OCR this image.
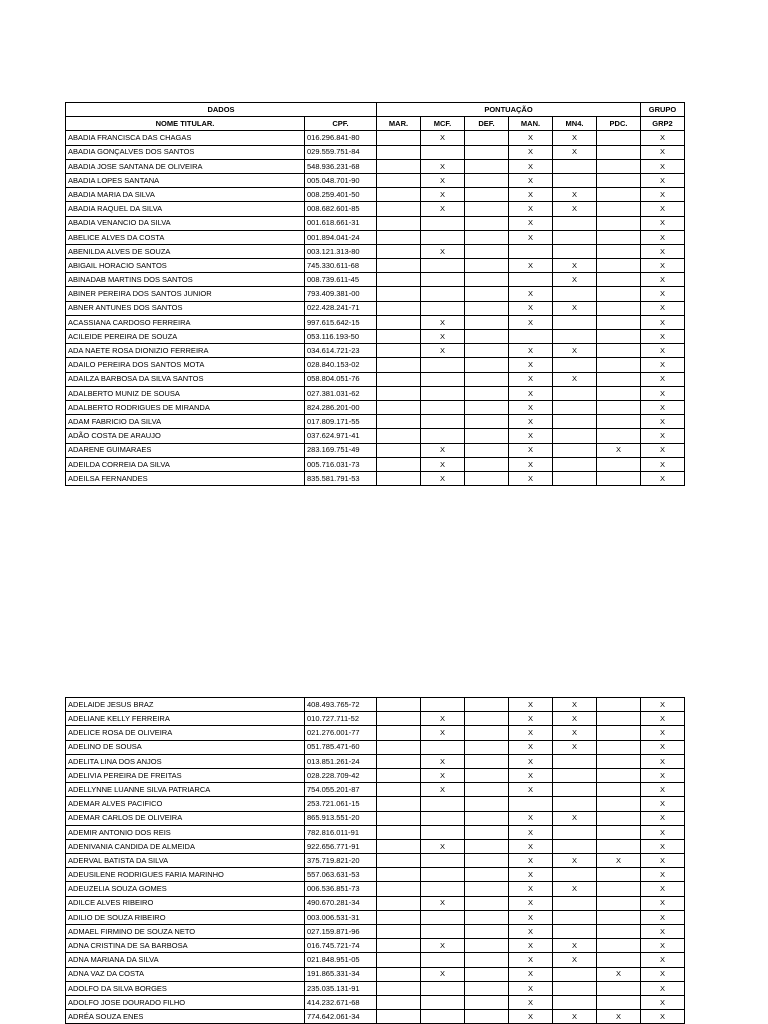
DADOS		PONTUAÇÃO						GRUPO
NOME TITULAR.	CPF.	MAR.	MCF.	DEF.	MAN.	MN4.	PDC.	GRP2
ABADIA FRANCISCA DAS CHAGAS	016.296.841-80		X		X	X		X
ABADIA GONÇALVES DOS SANTOS	029.559.751-84				X	X		X
ABADIA JOSE SANTANA DE OLIVEIRA	548.936.231-68		X		X			X
ABADIA LOPES SANTANA	005.048.701-90		X		X			X
ABADIA MARIA DA SILVA	008.259.401-50		X		X	X		X
ABADIA RAQUEL DA SILVA	008.682.601-85		X		X	X		X
ABADIA VENANCIO DA SILVA	001.618.661-31				X			X
ABELICE ALVES DA COSTA	001.894.041-24				X			X
ABENILDA ALVES DE SOUZA	003.121.313-80		X					X
ABIGAIL HORACIO SANTOS	745.330.611-68				X	X		X
ABINADAB MARTINS DOS SANTOS	008.739.611-45					X		X
ABINER PEREIRA DOS SANTOS JUNIOR	793.409.381-00				X			X
ABNER ANTUNES DOS SANTOS	022.428.241-71				X	X		X
ACASSIANA CARDOSO FERREIRA	997.615.642-15		X		X			X
ACILEIDE PEREIRA DE SOUZA	053.116.193-50		X					X
ADA NAETE ROSA DIONIZIO FERREIRA	034.614.721-23		X		X	X		X
ADAILO PEREIRA DOS SANTOS MOTA	028.840.153-02				X			X
ADAILZA BARBOSA DA SILVA SANTOS	058.804.051-76				X	X		X
ADALBERTO MUNIZ DE SOUSA	027.381.031-62				X			X
ADALBERTO RODRIGUES DE MIRANDA	824.286.201-00				X			X
ADAM FABRICIO DA SILVA	017.809.171-55				X			X
ADÃO COSTA DE ARAUJO	037.624.971-41				X			X
ADARENE GUIMARAES	283.169.751-49		X		X		X	X
ADEILDA CORREIA DA SILVA	005.716.031-73		X		X			X
ADEILSA FERNANDES	835.581.791-53		X		X			X
ADELAIDE JESUS BRAZ	408.493.765-72				X	X		X
ADELIANE KELLY FERREIRA	010.727.711-52		X		X	X		X
ADELICE ROSA DE OLIVEIRA	021.276.001-77		X		X	X		X
ADELINO DE SOUSA	051.785.471-60				X	X		X
ADELITA LINA DOS ANJOS	013.851.261-24		X		X			X
ADELIVIA PEREIRA DE FREITAS	028.228.709-42		X		X			X
ADELLYNNE LUANNE SILVA PATRIARCA	754.055.201-87		X		X			X
ADEMAR ALVES PACIFICO	253.721.061-15							X
ADEMAR CARLOS DE OLIVEIRA	865.913.551-20				X	X		X
ADEMIR ANTONIO DOS REIS	782.816.011-91				X			X
ADENIVANIA CANDIDA DE ALMEIDA	922.656.771-91		X		X			X
ADERVAL BATISTA DA SILVA	375.719.821-20				X	X	X	X
ADEUSILENE RODRIGUES FARIA MARINHO	557.063.631-53				X			X
ADEUZELIA SOUZA GOMES	006.536.851-73				X	X		X
ADILCE ALVES RIBEIRO	490.670.281-34		X		X			X
ADILIO DE SOUZA RIBEIRO	003.006.531-31				X			X
ADMAEL FIRMINO DE SOUZA NETO	027.159.871-96				X			X
ADNA CRISTINA DE SA BARBOSA	016.745.721-74		X		X	X		X
ADNA MARIANA DA SILVA	021.848.951-05				X	X		X
ADNA VAZ DA COSTA	191.865.331-34		X		X		X	X
ADOLFO DA SILVA BORGES	235.035.131-91				X			X
ADOLFO JOSE DOURADO FILHO	414.232.671-68				X			X
ADRÉA SOUZA ENES	774.642.061-34				X	X	X	X
